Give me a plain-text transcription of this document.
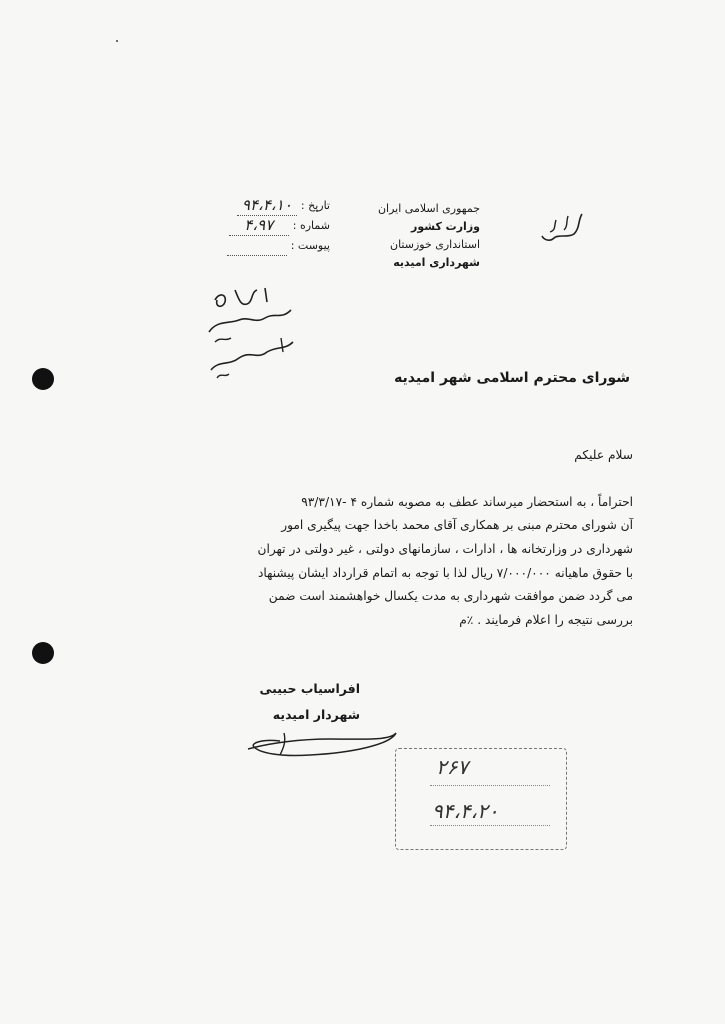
جمهوری اسلامی ایران
وزارت کشور
استانداری خوزستان
شهرداری امیدیه
تاریخ :
۹۴،۴،۱۰
شماره :
۴،۹۷
پیوست :
شورای محترم اسلامی شهر امیدیه

سلام علیکم

احتراماً ، به استحضار میرساند عطف به مصوبه شماره ۴ -۹۳/۳/۱۷
آن شورای محترم مبنی بر همکاری آقای محمد باخدا جهت پیگیری امور
شهرداری در وزارتخانه ها ، ادارات ، سازمانهای دولتی ، غیر دولتی در تهران
با حقوق ماهیانه ۷/۰۰۰/۰۰۰ ریال لذا با توجه به اتمام قرارداد ایشان پیشنهاد
می گردد ضمن موافقت شهرداری به مدت یکسال خواهشمند است ضمن
بررسی نتیجه را اعلام فرمایند . ٪م

افراسیاب حبیبی
شهردار امیدیه
۲۶۷
۹۴،۴،۲۰
